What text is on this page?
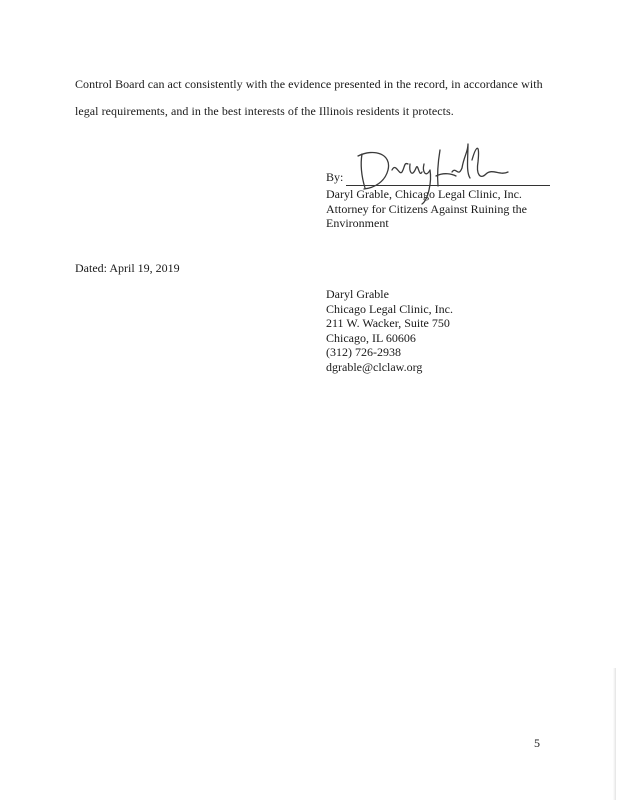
Control Board can act consistently with the evidence presented in the record, in accordance with
legal requirements, and in the best interests of the Illinois residents it protects.
By:
Daryl Grable, Chicago Legal Clinic, Inc.
Attorney for Citizens Against Ruining the
Environment
Dated: April 19, 2019
Daryl Grable
Chicago Legal Clinic, Inc.
211 W. Wacker, Suite 750
Chicago, IL 60606
(312) 726-2938
dgrable@clclaw.org
5
